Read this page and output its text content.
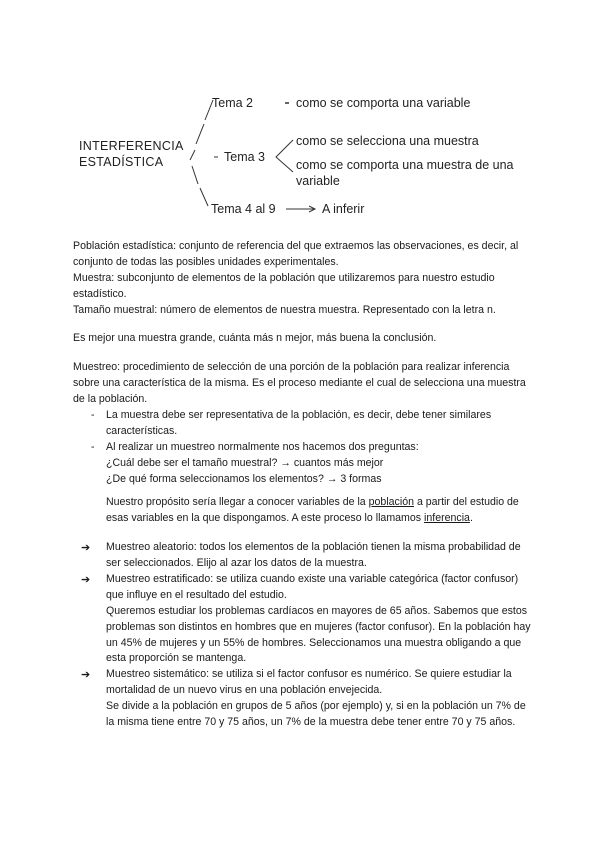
INTERFERENCIA
ESTADÍSTICA
Tema 2	como se comporta una variable
Tema 3
como se selecciona una muestra
como se comporta una muestra de una variable
Tema 4 al 9	A inferir

Población estadística: conjunto de referencia del que extraemos las observaciones, es decir, al conjunto de todas las posibles unidades experimentales.

Muestra: subconjunto de elementos de la población que utilizaremos para nuestro estudio estadístico.

Tamaño muestral: número de elementos de nuestra muestra. Representado con la letra n.

Es mejor una muestra grande, cuánta más n mejor, más buena la conclusión.

Muestreo: procedimiento de selección de una porción de la población para realizar inferencia sobre una característica de la misma. Es el proceso mediante el cual de selecciona una muestra de la población.

- La muestra debe ser representativa de la población, es decir, debe tener similares características.
- Al realizar un muestreo normalmente nos hacemos dos preguntas:
¿Cuál debe ser el tamaño muestral? → cuantos más mejor
¿De qué forma seleccionamos los elementos? → 3 formas

Nuestro propósito sería llegar a conocer variables de la población a partir del estudio de esas variables en la que dispongamos. A este proceso lo llamamos inferencia.

➔ Muestreo aleatorio: todos los elementos de la población tienen la misma probabilidad de ser seleccionados. Elijo al azar los datos de la muestra.
➔ Muestreo estratificado: se utiliza cuando existe una variable categórica (factor confusor) que influye en el resultado del estudio.
Queremos estudiar los problemas cardíacos en mayores de 65 años. Sabemos que estos problemas son distintos en hombres que en mujeres (factor confusor). En la población hay un 45% de mujeres y un 55% de hombres. Seleccionamos una muestra obligando a que esta proporción se mantenga.
➔ Muestreo sistemático: se utiliza si el factor confusor es numérico. Se quiere estudiar la mortalidad de un nuevo virus en una población envejecida.
Se divide a la población en grupos de 5 años (por ejemplo) y, si en la población un 7% de la misma tiene entre 70 y 75 años, un 7% de la muestra debe tener entre 70 y 75 años.
